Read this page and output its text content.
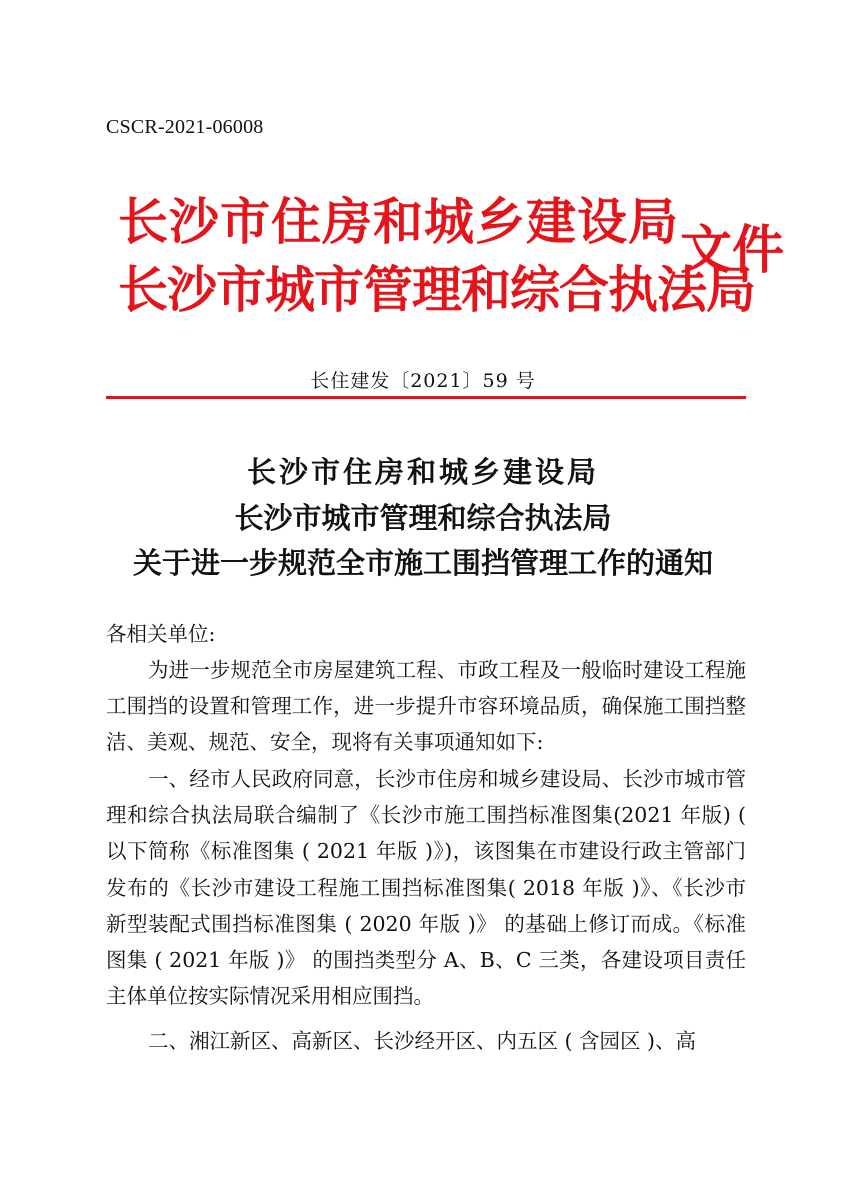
CSCR-2021-06008
长沙市住房和城乡建设局
长沙市城市管理和综合执法局
文件
长住建发〔2021〕59 号
长沙市住房和城乡建设局
长沙市城市管理和综合执法局
关于进一步规范全市施工围挡管理工作的通知
各相关单位:

为进一步规范全市房屋建筑工程、市政工程及一般临时建设工程施工围挡的设置和管理工作，进一步提升市容环境品质，确保施工围挡整洁、美观、规范、安全，现将有关事项通知如下:

一、经市人民政府同意，长沙市住房和城乡建设局、长沙市城市管理和综合执法局联合编制了《长沙市施工围挡标准图集(2021 年版) ( 以下简称《标准图集 ( 2021 年版 )》)，该图集在市建设行政主管部门发布的《长沙市建设工程施工围挡标准图集( 2018 年版 )》、《长沙市新型装配式围挡标准图集 ( 2020 年版 )》 的基础上修订而成。《标准图集 ( 2021 年版 )》 的围挡类型分 A、B、C 三类，各建设项目责任主体单位按实际情况采用相应围挡。

二、湘江新区、高新区、长沙经开区、内五区 ( 含园区 )、高
